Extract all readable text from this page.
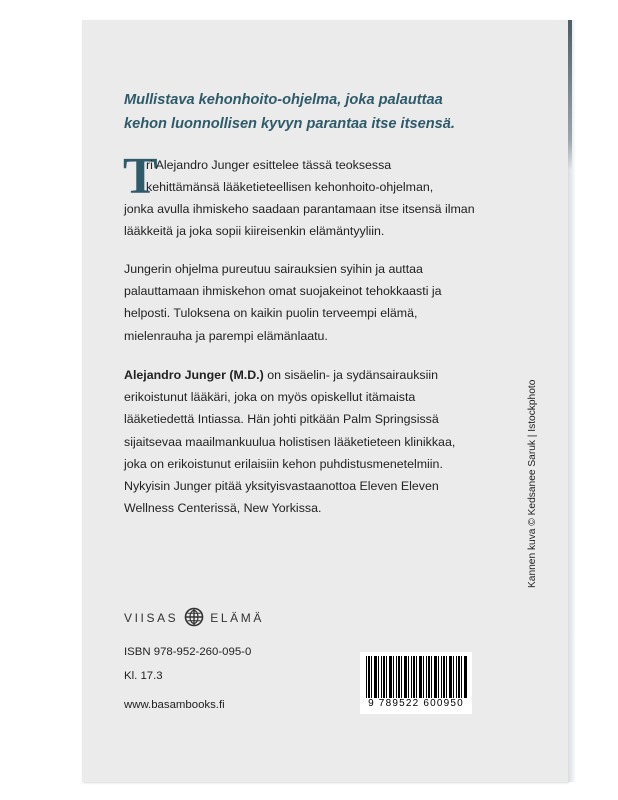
Mullistava kehonhoito-ohjelma, joka palauttaa
kehon luonnollisen kyvyn parantaa itse itsensä.
T
ri Alejandro Junger esittelee tässä teoksessa
kehittämänsä lääketieteellisen kehonhoito-ohjelman,
jonka avulla ihmiskeho saadaan parantamaan itse itsensä ilman
lääkkeitä ja joka sopii kiireisenkin elämäntyyliin.
Jungerin ohjelma pureutuu sairauksien syihin ja auttaa
palauttamaan ihmiskehon omat suojakeinot tehokkaasti ja
helposti. Tuloksena on kaikin puolin terveempi elämä,
mielenrauha ja parempi elämänlaatu.
Alejandro Junger (M.D.) on sisäelin- ja sydänsairauksiin
erikoistunut lääkäri, joka on myös opiskellut itämaista
lääketiedettä Intiassa. Hän johti pitkään Palm Springsissä
sijaitsevaa maailmankuulua holistisen lääketieteen klinikkaa,
joka on erikoistunut erilaisiin kehon puhdistusmenetelmiin.
Nykyisin Junger pitää yksityisvastaanottoa Eleven Eleven
Wellness Centerissä, New Yorkissa.	Kannen kuva © Kedsanee Saruk | Istockphoto
VIISAS	ELÄMÄ
ISBN 978-952-260-095-0
Kl. 17.3
www.basambooks.fi	9 789522 600950
